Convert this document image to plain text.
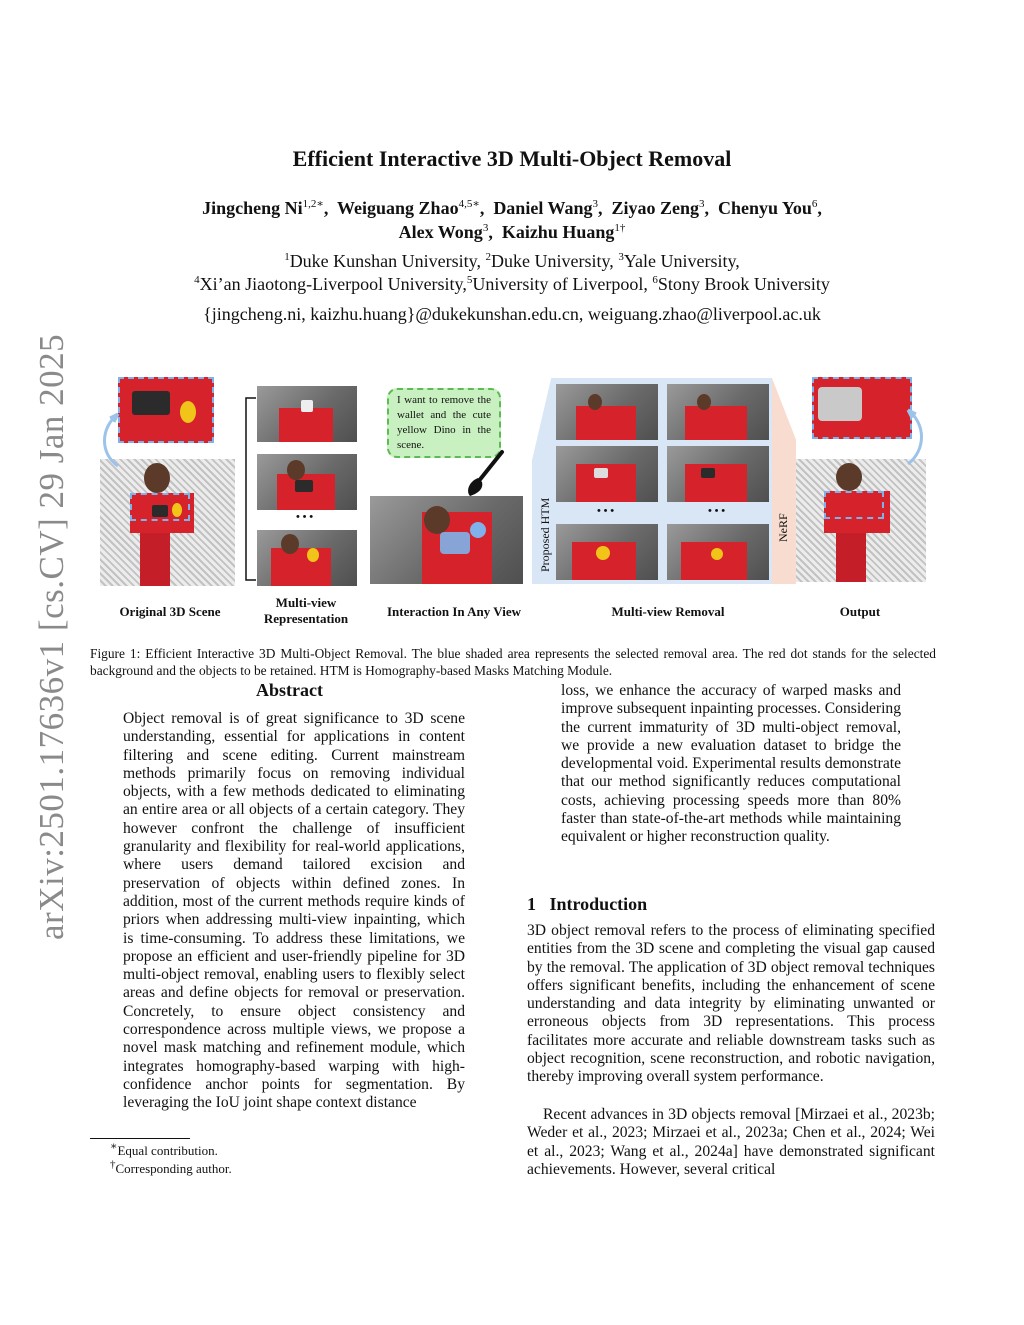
arXiv:2501.17636v1 [cs.CV] 29 Jan 2025
Efficient Interactive 3D Multi-Object Removal
Jingcheng $Ni^{1,2∗}$,  Weiguang Zhao$^{4,5∗}$,  Daniel Wang$^3$,  Ziyao Zeng$^3$,  Chenyu You$^6$,
Alex Wong$^3$,  Kaizhu Huang$^{1\dagger}$
$^1$Duke Kunshan University, $^2$Duke University, $^3$Yale University,
$^4$Xi’an Jiaotong-Liverpool University,$^5$University of Liverpool, $^6$Stony Brook University
{jingcheng.ni, kaizhu.huang}@dukekunshan.edu.cn, weiguang.zhao@liverpool.ac.uk
• • •
I want to remove the wallet and the cute yellow Dino in the scene.
Proposed HTM	• • •	• • •
NeRF
Original 3D Scene
Multi-view Representation	Interaction In Any View	Multi-view Removal	Output
Figure 1: Efficient Interactive 3D Multi-Object Removal. The blue shaded area represents the selected removal area. The red dot stands for the selected background and the objects to be retained. HTM is Homography-based Masks Matching Module.
Abstract
Object removal is of great significance to 3D scene understanding, essential for applications in content filtering and scene editing. Current mainstream methods primarily focus on removing individual objects, with a few methods dedicated to eliminating an entire area or all objects of a certain category. They however confront the challenge of insufficient granularity and flexibility for real-world applications, where users demand tailored excision and preservation of objects within defined zones. In addition, most of the current methods require kinds of priors when addressing multi-view inpainting, which is time-consuming. To address these limitations, we propose an efficient and user-friendly pipeline for 3D multi-object removal, enabling users to flexibly select areas and define objects for removal or preservation. Concretely, to ensure object consistency and correspondence across multiple views, we propose a novel mask matching and refinement module, which integrates homography-based warping with high-confidence anchor points for segmentation. By leveraging the IoU joint shape context distance
loss, we enhance the accuracy of warped masks and improve subsequent inpainting processes. Considering the current immaturity of 3D multi-object removal, we provide a new evaluation dataset to bridge the developmental void. Experimental results demonstrate that our method significantly reduces computational costs, achieving processing speeds more than 80% faster than state-of-the-art methods while maintaining equivalent or higher reconstruction quality.
1 Introduction
3D object removal refers to the process of eliminating specified entities from the 3D scene and completing the visual gap caused by the removal. The application of 3D object removal techniques offers significant benefits, including the enhancement of scene understanding and data integrity by eliminating unwanted or erroneous objects from 3D representations. This process facilitates more accurate and reliable downstream tasks such as object recognition, scene reconstruction, and robotic navigation, thereby improving overall system performance.
Recent advances in 3D objects removal [Mirzaei et al., 2023b; Weder et al., 2023; Mirzaei et al., 2023a; Chen et al., 2024; Wei et al., 2023; Wang et al., 2024a] have demonstrated significant achievements. However, several critical
∗Equal contribution.
†Corresponding author.
